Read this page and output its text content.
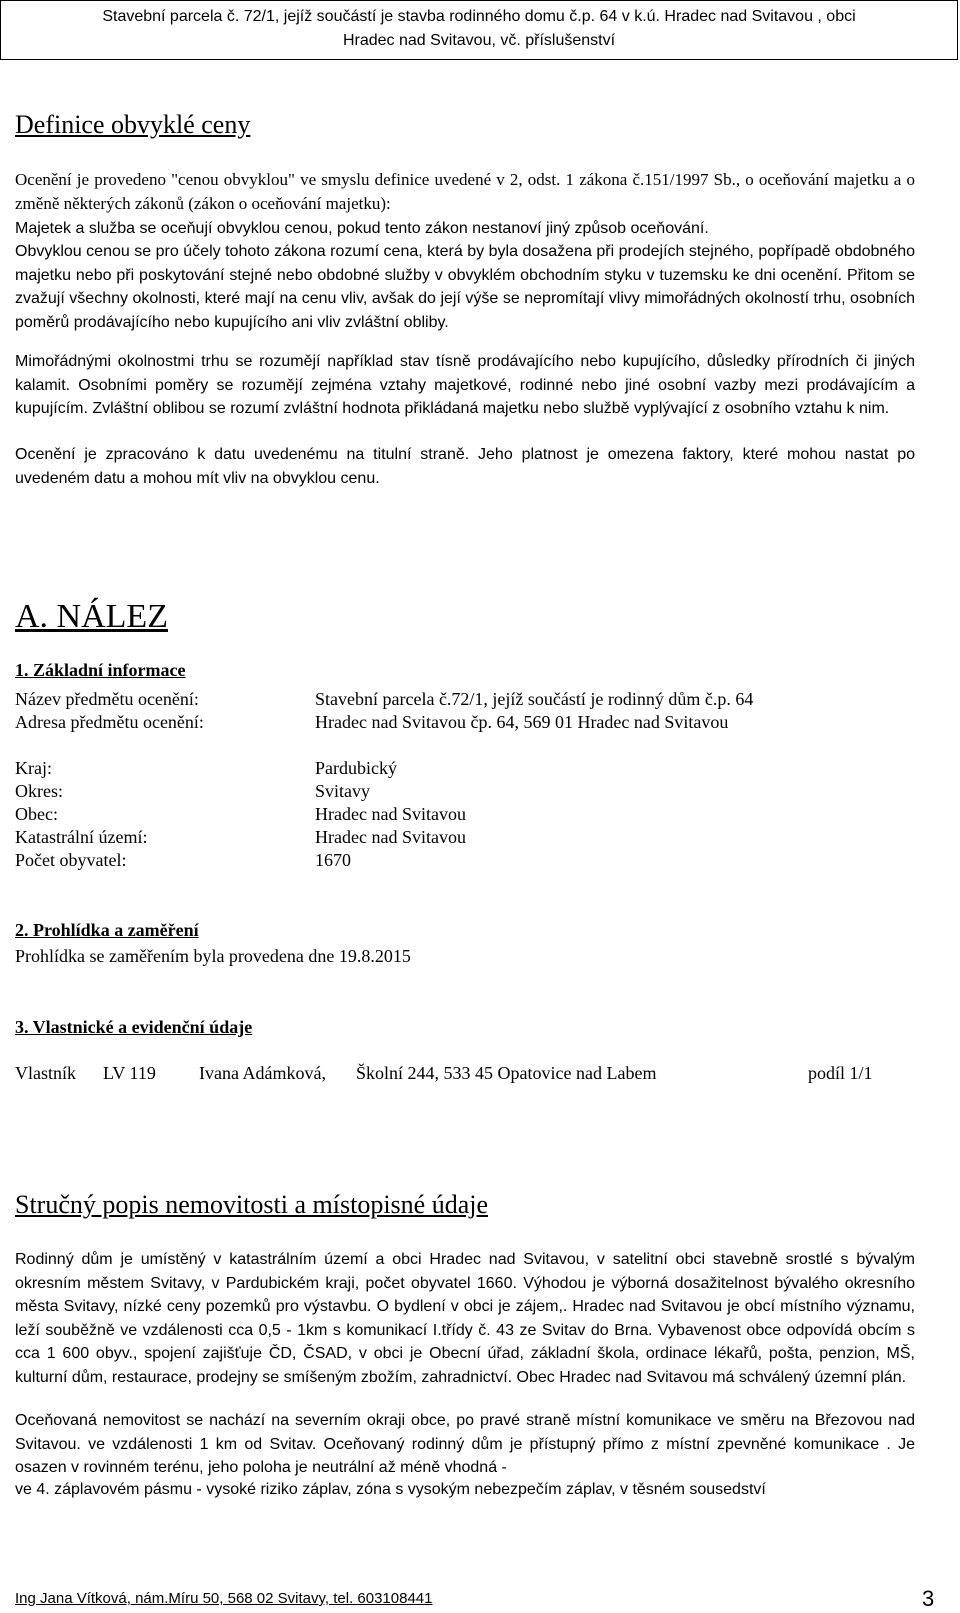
Stavební parcela č. 72/1, jejíž součástí je stavba rodinného domu č.p. 64 v k.ú. Hradec nad Svitavou , obci
Hradec nad Svitavou, vč. příslušenství
Definice obvyklé ceny

Ocenění je provedeno "cenou obvyklou" ve smyslu definice uvedené v 2, odst. 1 zákona č.151/1997 Sb., o oceňování majetku a o změně některých zákonů (zákon o oceňování majetku):

Majetek a služba se oceňují obvyklou cenou, pokud tento zákon nestanoví jiný způsob oceňování.

Obvyklou cenou se pro účely tohoto zákona rozumí cena, která by byla dosažena při prodejích stejného, popřípadě obdobného majetku nebo při poskytování stejné nebo obdobné služby v obvyklém obchodním styku v tuzemsku ke dni ocenění. Přitom se zvažují všechny okolnosti, které mají na cenu vliv, avšak do její výše se nepromítají vlivy mimořádných okolností trhu, osobních poměrů prodávajícího nebo kupujícího ani vliv zvláštní obliby.

Mimořádnými okolnostmi trhu se rozumějí například stav tísně prodávajícího nebo kupujícího, důsledky přírodních či jiných kalamit. Osobními poměry se rozumějí zejména vztahy majetkové, rodinné nebo jiné osobní vazby mezi prodávajícím a kupujícím. Zvláštní oblibou se rozumí zvláštní hodnota přikládaná majetku nebo službě vyplývající z osobního vztahu k nim.

Ocenění je zpracováno k datu uvedenému na titulní straně. Jeho platnost je omezena faktory, které mohou nastat po uvedeném datu a mohou mít vliv na obvyklou cenu.

A. NÁLEZ
1. Základní informace
Název předmětu ocenění:	Stavební parcela č.72/1, jejíž součástí je rodinný dům č.p. 64
Adresa předmětu ocenění:	Hradec nad Svitavou čp. 64, 569 01 Hradec nad Svitavou
Kraj:	Pardubický
Okres:	Svitavy
Obec:	Hradec nad Svitavou
Katastrální území:	Hradec nad Svitavou
Počet obyvatel:	1670
2. Prohlídka a zaměření
Prohlídka se zaměřením byla provedena dne 19.8.2015
3. Vlastnické a evidenční údaje
Vlastník LV 119 Ivana Adámková, Školní 244, 533 45 Opatovice nad Labem	podíl 1/1
Stručný popis nemovitosti a místopisné údaje

Rodinný dům je umístěný v katastrálním území a obci Hradec nad Svitavou, v satelitní obci stavebně srostlé s bývalým okresním městem Svitavy, v Pardubickém kraji, počet obyvatel 1660. Výhodou je výborná dosažitelnost bývalého okresního města Svitavy, nízké ceny pozemků pro výstavbu. O bydlení v obci je zájem,. Hradec nad Svitavou je obcí místního významu, leží souběžně ve vzdálenosti cca 0,5 - 1km s komunikací I.třídy č. 43 ze Svitav do Brna. Vybavenost obce odpovídá obcím s cca 1 600 obyv., spojení zajišťuje ČD, ČSAD, v obci je Obecní úřad, základní škola, ordinace lékařů, pošta, penzion, MŠ, kulturní dům, restaurace, prodejny se smíšeným zbožím, zahradnictví. Obec Hradec nad Svitavou má schválený územní plán.

Oceňovaná nemovitost se nachází na severním okraji obce, po pravé straně místní komunikace ve směru na Březovou nad Svitavou. ve vzdálenosti 1 km od Svitav. Oceňovaný rodinný dům je přístupný přímo z místní zpevněné komunikace . Je osazen v rovinném terénu, jeho poloha je neutrální až méně vhodná -

ve 4. záplavovém pásmu - vysoké riziko záplav, zóna s vysokým nebezpečím záplav, v těsném sousedství

Ing Jana Vítková, nám.Míru 50, 568 02 Svitavy, tel. 603108441	3
